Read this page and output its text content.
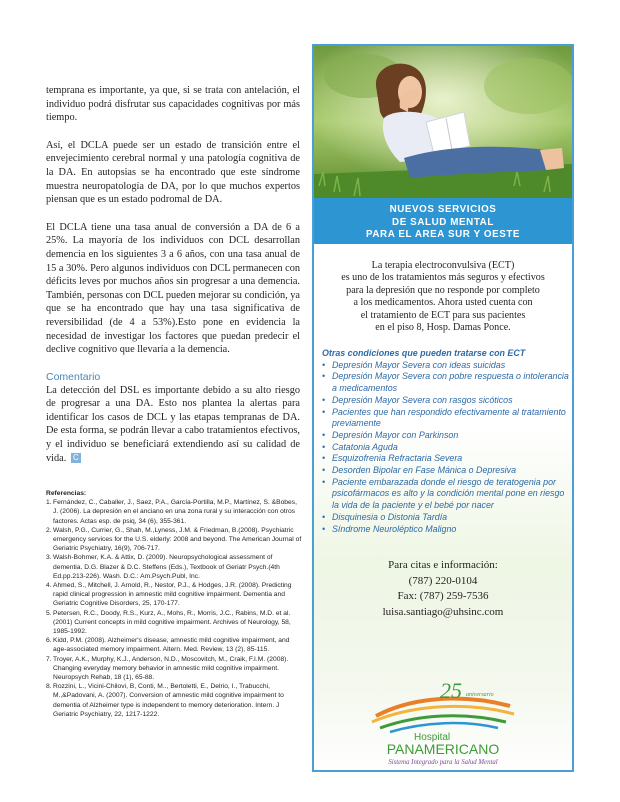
temprana es importante, ya que, si se trata con antelación, el individuo podrá disfrutar sus capacidades cognitivas por más tiempo.

Así, el DCLA puede ser un estado de transición entre el envejecimiento cerebral normal y una patología cognitiva de la DA. En autopsias se ha encontrado que este síndrome muestra neuropatología de DA, por lo que muchos expertos piensan que es un estado podromal de DA.

El DCLA tiene una tasa anual de conversión a DA de 6 a 25%. La mayoría de los individuos con DCL desarrollan demencia en los siguientes 3 a 6 años, con una tasa anual de 15 a 30%. Pero algunos individuos con DCL permanecen con déficits leves por muchos años sin progresar a una demencia. También, personas con DCL pueden mejorar su condición, ya que se ha encontrado que hay una tasa significativa de reversibilidad (de 4 a 53%).Esto pone en evidencia la necesidad de investigar los factores que puedan predecir el declive cognitivo que llevaría a la demencia.

Comentario

La detección del DSL es importante debido a su alto riesgo de progresar a una DA. Esto nos plantea la alertas para identificar los casos de DCL y las etapas tempranas de DA. De esta forma, se podrán llevar a cabo tratamientos efectivos, y el individuo se beneficiará extendiendo así su calidad de vida. C

Referencias:
1. Fernández, C., Caballer, J., Saez, P.A., García-Portilla, M.P., Martínez, S. &Bobes, J. (2006). La depresión en el anciano en una zona rural y su interacción con otros factores. Actas esp. de psiq, 34 (6), 355-361.
2. Walsh, P.G., Currier, G., Shah, M.,Lyness, J.M. & Friedman, B.(2008). Psychiatric emergency services for the U.S. elderly: 2008 and beyond. The American Journal of Geriatric Psychiatry, 16(9), 706-717.
3. Walsh-Bohmer, K.A. & Attix, D. (2009). Neuropsychological assessment of dementia. D.G. Blazer & D.C. Steffens (Eds.), Textbook of Geriatr Psych.(4th Ed.pp.213-226). Wash. D.C.: Am.Psych.Publ, Inc.
4. Ahmed, S., Mitchell, J. Arnold, R., Nestor, P.J., & Hodges, J.R. (2008). Predicting rapid clinical progression in amnestic mild cognitive impairment. Dementia and Geriatric Cognitive Disorders, 25, 170-177.
5. Petersen, R.C., Doody, R.S., Kurz, A., Mohs, R., Morris, J.C., Rabins, M.D. et al. (2001) Current concepts in mild cognitive impairment. Archives of Neurology, 58, 1985-1992.
6. Kidd, P.M. (2008). Alzheimer's disease, amnestic mild cognitive impairment, and age-associated memory impairment. Altern. Med. Review, 13 (2), 85-115.
7. Troyer, A.K., Murphy, K.J., Anderson, N.D., Moscovitch, M., Craik, F.I.M. (2008). Changing everyday memory behavior in amnestic mild cognitive impairment. Neuropsych Rehab, 18 (1), 65-88.
8. Rozzini, L., Vicini-Chilovi, B, Conti, M.., Bertoletti, E., Delrio, I., Trabucchi, M.,&Padovani, A. (2007). Conversion of amnestic mild cognitive impairment to dementia of Alzheimer type is independent to memory deterioration. Intern. J Geriatric Psychiatry, 22, 1217-1222.
NUEVOS SERVICIOS
DE SALUD MENTAL
PARA EL AREA SUR Y OESTE
La terapia electroconvulsiva (ECT)
es uno de los tratamientos más seguros y efectivos
para la depresión que no responde por completo
a los medicamentos. Ahora usted cuenta con
el tratamiento de ECT para sus pacientes
en el piso 8, Hosp. Damas Ponce.
Otras condiciones que pueden tratarse con ECT
• Depresión Mayor Severa con ideas suicidas
• Depresión Mayor Severa con pobre respuesta o intolerancia a medicamentos
• Depresión Mayor Severa con rasgos sicóticos
• Pacientes que han respondido efectivamente al tratamiento previamente
• Depresión Mayor con Parkinson
• Catatonia Aguda
• Esquizofrenia Refractaria Severa
• Desorden Bipolar en Fase Mánica o Depresiva
• Paciente embarazada donde el riesgo de teratogenia por psicofármacos es alto y la condición mental pone en riesgo la vida de la paciente y el bebé por nacer
• Disquinesia o Distonia Tardía
• Síndrome Neuroléptico Maligno
Para citas e información:
(787) 220-0104
Fax: (787) 259-7536
luisa.santiago@uhsinc.com
25 aniversario
Hospital
PANAMERICANO
Sistema Integrado para la Salud Mental
